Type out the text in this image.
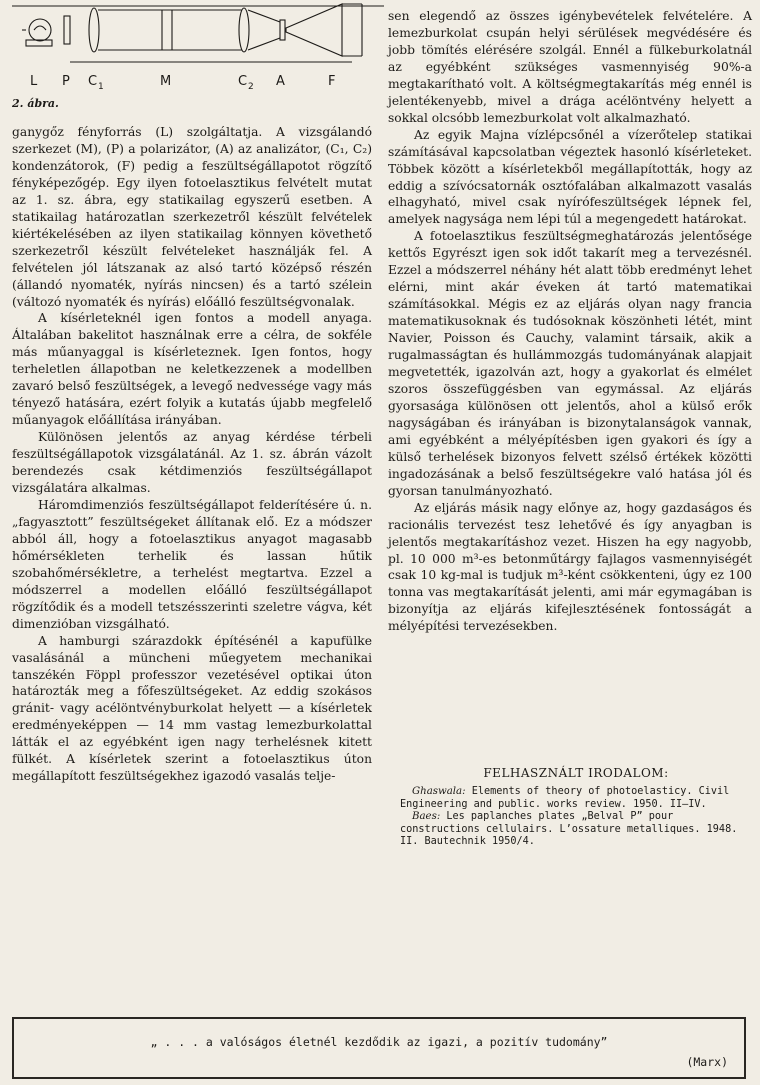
L P C 1	M	C 2 A	F
2. ábra.

ganygőz fényforrás (L) szolgáltatja. A vizsgálandó szerkezet (M), (P) a polarizátor, (A) az analizátor, (C₁, C₂) kondenzátorok, (F) pedig a feszültségállapotot rögzítő fényképezőgép. Egy ilyen fotoelasztikus felvételt mutat az 1. sz. ábra, egy statikailag egyszerű esetben. A statikailag határozatlan szerkezetről készült felvételek kiértékelésében az ilyen statikailag könnyen követhető szerkezetről készült felvételeket használják fel. A felvételen jól látszanak az alsó tartó középső részén (állandó nyomaték, nyírás nincsen) és a tartó szélein (változó nyomaték és nyírás) előálló feszültségvonalak.

A kísérleteknél igen fontos a modell anyaga. Általában bakelitot használnak erre a célra, de sokféle más műanyaggal is kísérleteznek. Igen fontos, hogy terheletlen állapotban ne keletkezzenek a modellben zavaró belső feszültségek, a levegő nedvessége vagy más tényező hatására, ezért folyik a kutatás újabb megfelelő műanyagok előállítása irányában.

Különösen jelentős az anyag kérdése térbeli feszültségállapotok vizsgálatánál. Az 1. sz. ábrán vázolt berendezés csak kétdimenziós feszültségállapot vizsgálatára alkalmas.

Háromdimenziós feszültségállapot felderítésére ú. n. „fagyasztott” feszültségeket állítanak elő. Ez a módszer abból áll, hogy a fotoelasztikus anyagot magasabb hőmérsékleten terhelik és lassan hűtik szobahőmérsékletre, a terhelést megtartva. Ezzel a módszerrel a modellen előálló feszültségállapot rögzítődik és a modell tetszésszerinti szeletre vágva, két dimenzióban vizsgálható.

A hamburgi szárazdokk építésénél a kapufülke vasalásánál a müncheni műegyetem mechanikai tanszékén Föppl professzor vezetésével optikai úton határozták meg a főfeszültségeket. Az eddig szokásos gránit- vagy acélöntvényburkolat helyett — a kísérletek eredményeképpen — 14 mm vastag lemezburkolattal látták el az egyébként igen nagy terhelésnek kitett fülkét. A kísérletek szerint a fotoelasztikus úton megállapított feszültségekhez igazodó vasalás telje-

sen elegendő az összes igénybevételek felvételére. A lemezburkolat csupán helyi sérülések megvédésére és jobb tömítés elérésére szolgál. Ennél a fülkeburkolatnál az egyébként szükséges vasmennyiség 90%-a megtakarítható volt. A költségmegtakarítás még ennél is jelentékenyebb, mivel a drága acélöntvény helyett a sokkal olcsóbb lemezburkolat volt alkalmazható.

Az egyik Majna vízlépcsőnél a vízerőtelep statikai számításával kapcsolatban végeztek hasonló kísérleteket. Többek között a kísérletekből megállapították, hogy az eddig a szívócsatornák osztófalában alkalmazott vasalás elhagyható, mivel csak nyírófeszültségek lépnek fel, amelyek nagysága nem lépi túl a megengedett határokat.

A fotoelasztikus feszültségmeghatározás jelentősége kettős Egyrészt igen sok időt takarít meg a tervezésnél. Ezzel a módszerrel néhány hét alatt több eredményt lehet elérni, mint akár éveken át tartó matematikai számításokkal. Mégis ez az eljárás olyan nagy francia matematikusoknak és tudósoknak köszönheti létét, mint Navier, Poisson és Cauchy, valamint társaik, akik a rugalmasságtan és hullámmozgás tudományának alapjait megvetették, igazolván azt, hogy a gyakorlat és elmélet szoros összefüggésben van egymással. Az eljárás gyorsasága különösen ott jelentős, ahol a külső erők nagyságában és irányában is bizonytalanságok vannak, ami egyébként a mélyépítésben igen gyakori és így a külső terhelések bizonyos felvett szélső értékek közötti ingadozásának a belső feszültségekre való hatása jól és gyorsan tanulmányozható.

Az eljárás másik nagy előnye az, hogy gazdaságos és racionális tervezést tesz lehetővé és így anyagban is jelentős megtakarításhoz vezet. Hiszen ha egy nagyobb, pl. 10 000 m³-es betonműtárgy fajlagos vasmennyiségét csak 10 kg-mal is tudjuk m³-ként csökkenteni, úgy ez 100 tonna vas megtakarítását jelenti, ami már egymagában is bizonyítja az eljárás kifejlesztésének fontosságát a mélyépítési tervezésekben.

FELHASZNÁLT IRODALOM:
Ghaswala: Elements of theory of photoelasticy. Civil Engineering and public. works review. 1950. II—IV.
Baes: Les paplanches plates „Belval P” pour constructions cellulairs. L’ossature metalliques. 1948. II. Bautechnik 1950/4.
„ . . . a valóságos életnél kezdődik az igazi, a pozitív tudomány”
(Marx)
